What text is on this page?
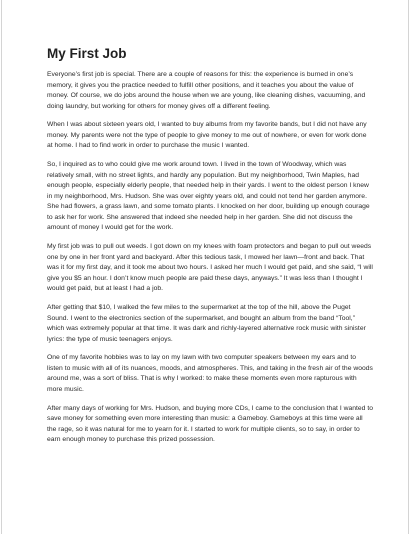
My First Job

Everyone’s first job is special. There are a couple of reasons for this: the experience is burned in one’s memory, it gives you the practice needed to fulfill other positions, and it teaches you about the value of money. Of course, we do jobs around the house when we are young, like cleaning dishes, vacuuming, and doing laundry, but working for others for money gives off a different feeling.

When I was about sixteen years old, I wanted to buy albums from my favorite bands, but I did not have any money. My parents were not the type of people to give money to me out of nowhere, or even for work done at home. I had to find work in order to purchase the music I wanted.

So, I inquired as to who could give me work around town. I lived in the town of Woodway, which was relatively small, with no street lights, and hardly any population. But my neighborhood, Twin Maples, had enough people, especially elderly people, that needed help in their yards. I went to the oldest person I knew in my neighborhood, Mrs. Hudson. She was over eighty years old, and could not tend her garden anymore. She had flowers, a grass lawn, and some tomato plants. I knocked on her door, building up enough courage to ask her for work. She answered that indeed she needed help in her garden. She did not discuss the amount of money I would get for the work.

My first job was to pull out weeds. I got down on my knees with foam protectors and began to pull out weeds one by one in her front yard and backyard. After this tedious task, I mowed her lawn—front and back. That was it for my first day, and it took me about two hours. I asked her much I would get paid, and she said, “I will give you $5 an hour. I don’t know much people are paid these days, anyways.” It was less than I thought I would get paid, but at least I had a job.

After getting that $10, I walked the few miles to the supermarket at the top of the hill, above the Puget Sound. I went to the electronics section of the supermarket, and bought an album from the band “Tool,” which was extremely popular at that time. It was dark and richly-layered alternative rock music with sinister lyrics: the type of music teenagers enjoys.

One of my favorite hobbies was to lay on my lawn with two computer speakers between my ears and to listen to music with all of its nuances, moods, and atmospheres. This, and taking in the fresh air of the woods around me, was a sort of bliss. That is why I worked: to make these moments even more rapturous with more music.

After many days of working for Mrs. Hudson, and buying more CDs, I came to the conclusion that I wanted to save money for something even more interesting than music: a Gameboy. Gameboys at this time were all the rage, so it was natural for me to yearn for it. I started to work for multiple clients, so to say, in order to earn enough money to purchase this prized possession.
